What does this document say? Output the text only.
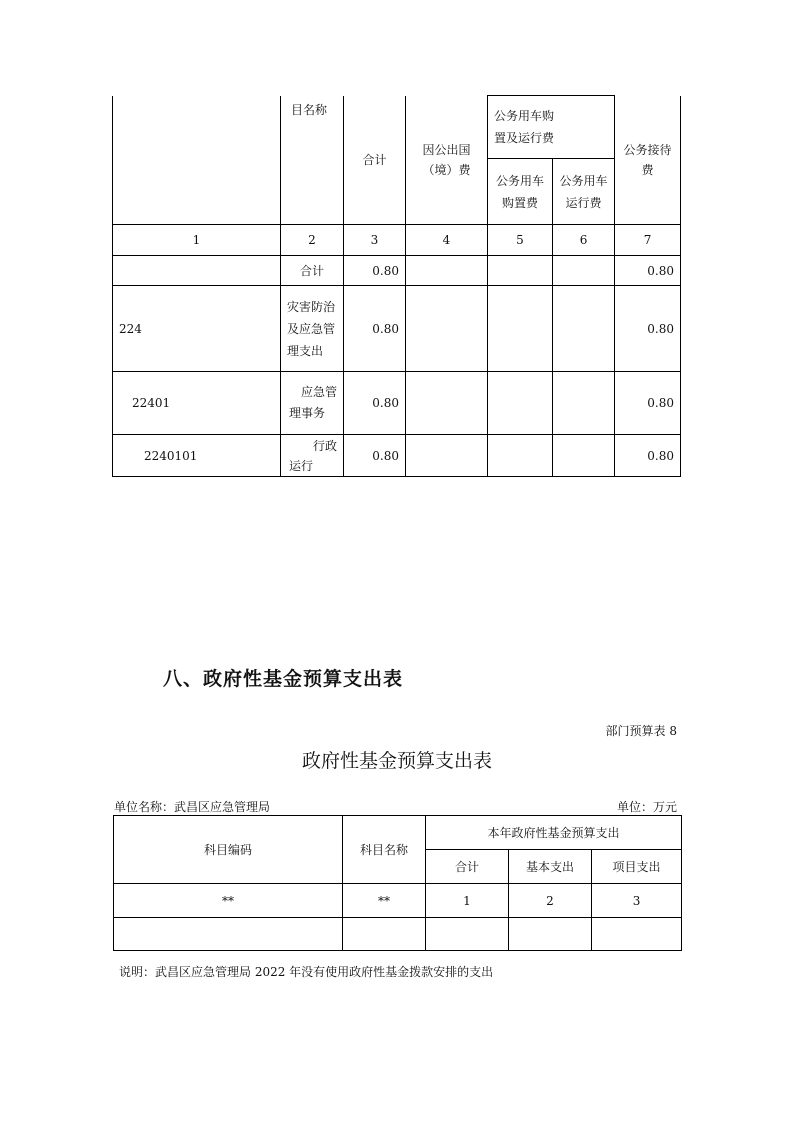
	目名称	合计	因公出国（境）费	公务用车购置及运行费		公务接待费
				公务用车购置费	公务用车运行费	
1	2	3	4	5	6	7
	合计	0.80				0.80
224	灾害防治及应急管理支出	0.80				0.80
22401	应急管理事务	0.80				0.80
2240101	行政运行	0.80				0.80
八、政府性基金预算支出表
部门预算表 8
政府性基金预算支出表
单位名称：武昌区应急管理局	单位：万元
科目编码	科目名称	本年政府性基金预算支出		
		合计	基本支出	项目支出
**	**	1	2	3

说明：武昌区应急管理局 2022 年没有使用政府性基金拨款安排的支出
